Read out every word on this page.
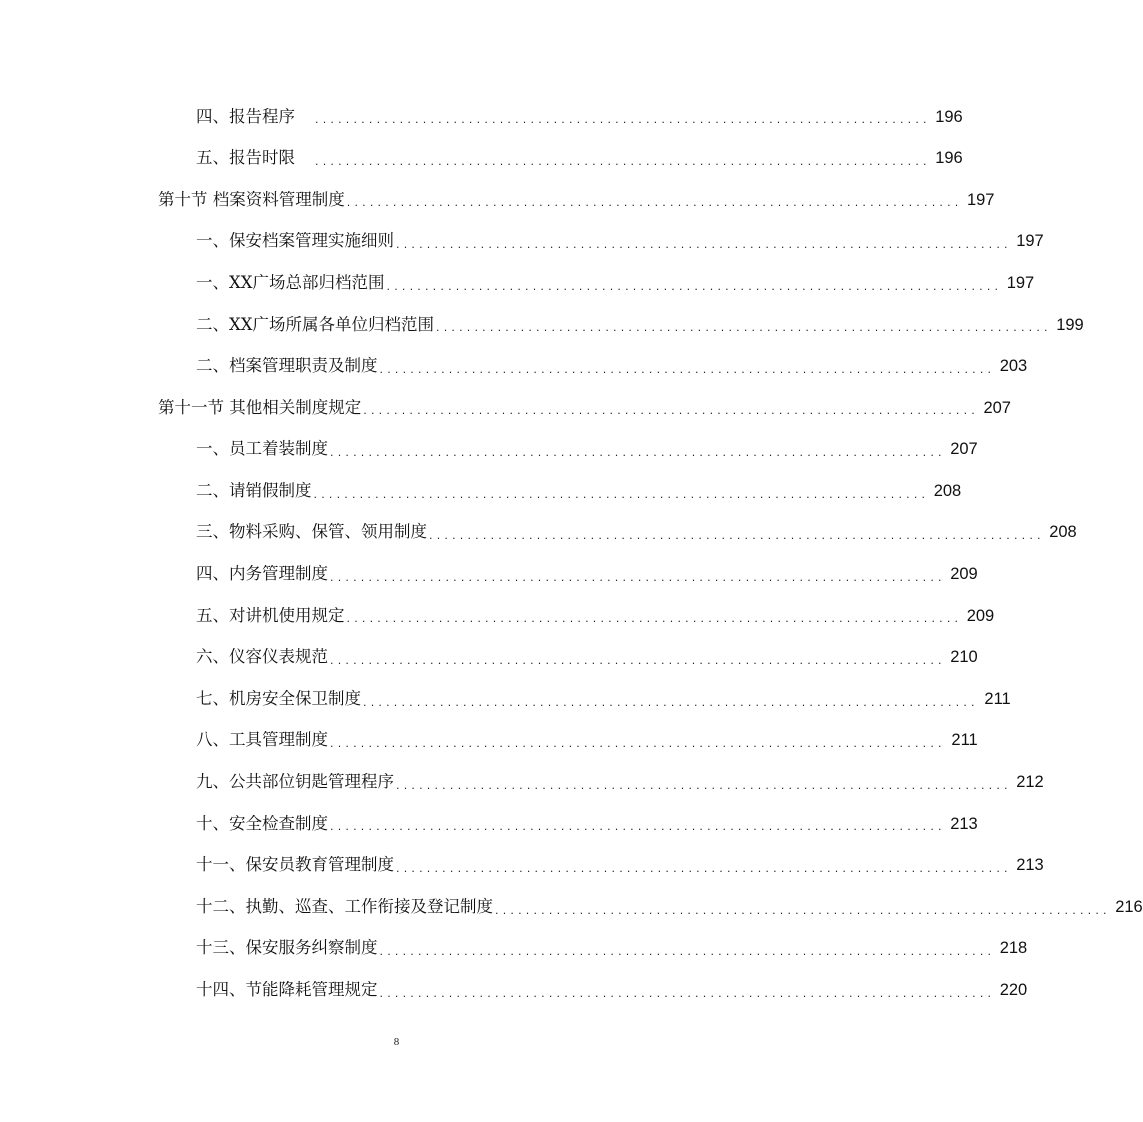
四、报告程序	................................................................................ 196
五、报告时限	................................................................................ 196
第十节 档案资料管理制度 ................................................................................ 197
一、保安档案管理实施细则 ................................................................................ 197
一、XX广场总部归档范围 ................................................................................ 197
二、XX广场所属各单位归档范围 ................................................................................ 199
二、档案管理职责及制度 ................................................................................ 203
第十一节 其他相关制度规定 ................................................................................ 207
一、员工着装制度 ................................................................................ 207
二、请销假制度 ................................................................................ 208
三、物料采购、保管、领用制度 ................................................................................ 208
四、内务管理制度 ................................................................................ 209
五、对讲机使用规定 ................................................................................ 209
六、仪容仪表规范 ................................................................................ 210
七、机房安全保卫制度 ................................................................................ 211
八、工具管理制度 ................................................................................ 211
九、公共部位钥匙管理程序 ................................................................................ 212
十、安全检查制度 ................................................................................ 213
十一、保安员教育管理制度 ................................................................................ 213
十二、执勤、巡查、工作衔接及登记制度 ................................................................................ 216
十三、保安服务纠察制度 ................................................................................ 218
十四、节能降耗管理规定 ................................................................................ 220
8
